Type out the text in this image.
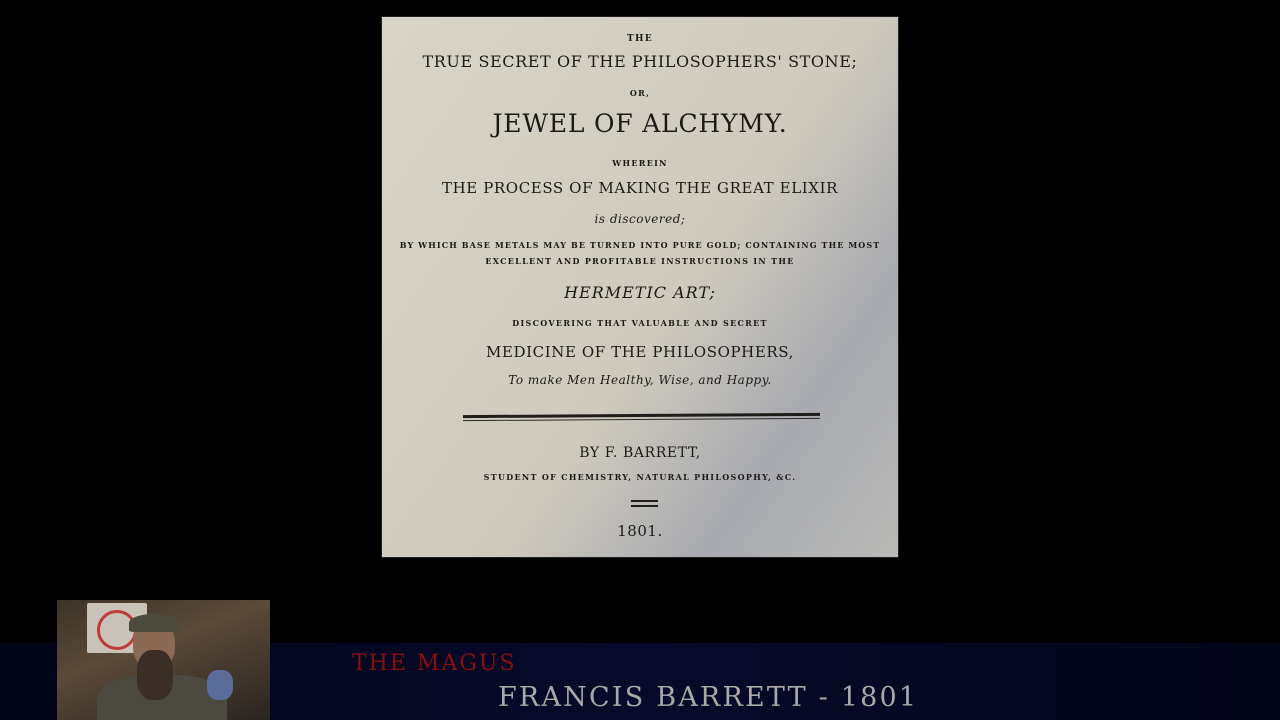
THE
TRUE SECRET OF THE PHILOSOPHERS' STONE;
OR,
JEWEL OF ALCHYMY.
WHEREIN
THE PROCESS OF MAKING THE GREAT ELIXIR
is discovered;
BY WHICH BASE METALS MAY BE TURNED INTO PURE GOLD; CONTAINING THE MOST
EXCELLENT AND PROFITABLE INSTRUCTIONS IN THE
HERMETIC ART;
DISCOVERING THAT VALUABLE AND SECRET
MEDICINE OF THE PHILOSOPHERS,
To make Men Healthy, Wise, and Happy.
BY F. BARRETT,
STUDENT OF CHEMISTRY, NATURAL PHILOSOPHY, &C.
1801.
THE MAGUS
FRANCIS BARRETT - 1801
